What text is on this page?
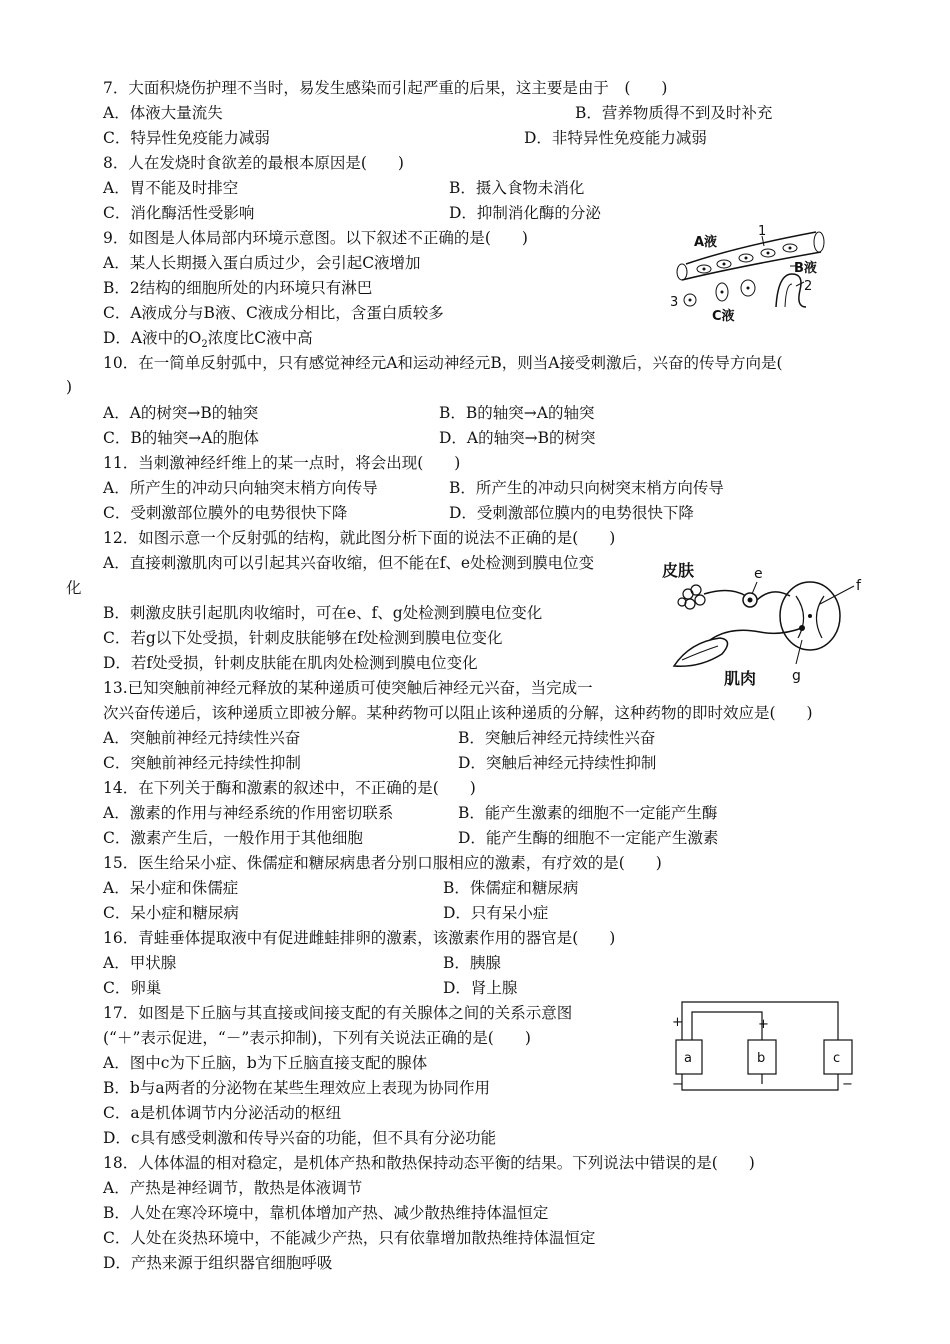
7．大面积烧伤护理不当时，易发生感染而引起严重的后果，这主要是由于　(　　)
A．体液大量流失	B．营养物质得不到及时补充
C．特异性免疫能力减弱	D．非特异性免疫能力减弱
8．人在发烧时食欲差的最根本原因是(　　)
A．胃不能及时排空	B．摄入食物未消化
C．消化酶活性受影响	D．抑制消化酶的分泌
9．如图是人体局部内环境示意图。以下叙述不正确的是(　　)
A．某人长期摄入蛋白质过少，会引起C液增加
B．2结构的细胞所处的内环境只有淋巴
C．A液成分与B液、C液成分相比，含蛋白质较多
D．A液中的$O_2$浓度比C液中高
A液
1
B液
2
3
C液
10．在一简单反射弧中，只有感觉神经元A和运动神经元B，则当A接受刺激后，兴奋的传导方向是(
)
A．A的树突→B的轴突	B．B的轴突→A的轴突
C．B的轴突→A的胞体	D．A的轴突→B的树突
11．当刺激神经纤维上的某一点时，将会出现(　　)
A．所产生的冲动只向轴突末梢方向传导	B．所产生的冲动只向树突末梢方向传导
C．受刺激部位膜外的电势很快下降	D．受刺激部位膜内的电势很快下降
12．如图示意一个反射弧的结构，就此图分析下面的说法不正确的是(　　)
A．直接刺激肌肉可以引起其兴奋收缩，但不能在f、e处检测到膜电位变
化
B．刺激皮肤引起肌肉收缩时，可在e、f、g处检测到膜电位变化
C．若g以下处受损，针刺皮肤能够在f处检测到膜电位变化
D．若f处受损，针刺皮肤能在肌肉处检测到膜电位变化
皮肤
肌肉
e
f
g
13.已知突触前神经元释放的某种递质可使突触后神经元兴奋，当完成一
次兴奋传递后，该种递质立即被分解。某种药物可以阻止该种递质的分解，这种药物的即时效应是(　　)
A．突触前神经元持续性兴奋	B．突触后神经元持续性兴奋
C．突触前神经元持续性抑制	D．突触后神经元持续性抑制
14．在下列关于酶和激素的叙述中，不正确的是(　　)
A．激素的作用与神经系统的作用密切联系	B．能产生激素的细胞不一定能产生酶
C．激素产生后，一般作用于其他细胞	D．能产生酶的细胞不一定能产生激素
15．医生给呆小症、侏儒症和糖尿病患者分别口服相应的激素，有疗效的是(　　)
A．呆小症和侏儒症	B．侏儒症和糖尿病
C．呆小症和糖尿病	D．只有呆小症
16．青蛙垂体提取液中有促进雌蛙排卵的激素，该激素作用的器官是(　　)
A．甲状腺	B．胰腺
C．卵巢	D．肾上腺
17．如图是下丘脑与其直接或间接支配的有关腺体之间的关系示意图
(“＋”表示促进，“－”表示抑制)，下列有关说法正确的是(　　)
A．图中c为下丘脑，b为下丘脑直接支配的腺体
B．b与a两者的分泌物在某些生理效应上表现为协同作用
C．a是机体调节内分泌活动的枢纽
D．c具有感受刺激和传导兴奋的功能，但不具有分泌功能
a	b	c
+	+
−	−
18．人体体温的相对稳定，是机体产热和散热保持动态平衡的结果。下列说法中错误的是(　　)
A．产热是神经调节，散热是体液调节
B．人处在寒冷环境中，靠机体增加产热、减少散热维持体温恒定
C．人处在炎热环境中，不能减少产热，只有依靠增加散热维持体温恒定
D．产热来源于组织器官细胞呼吸
